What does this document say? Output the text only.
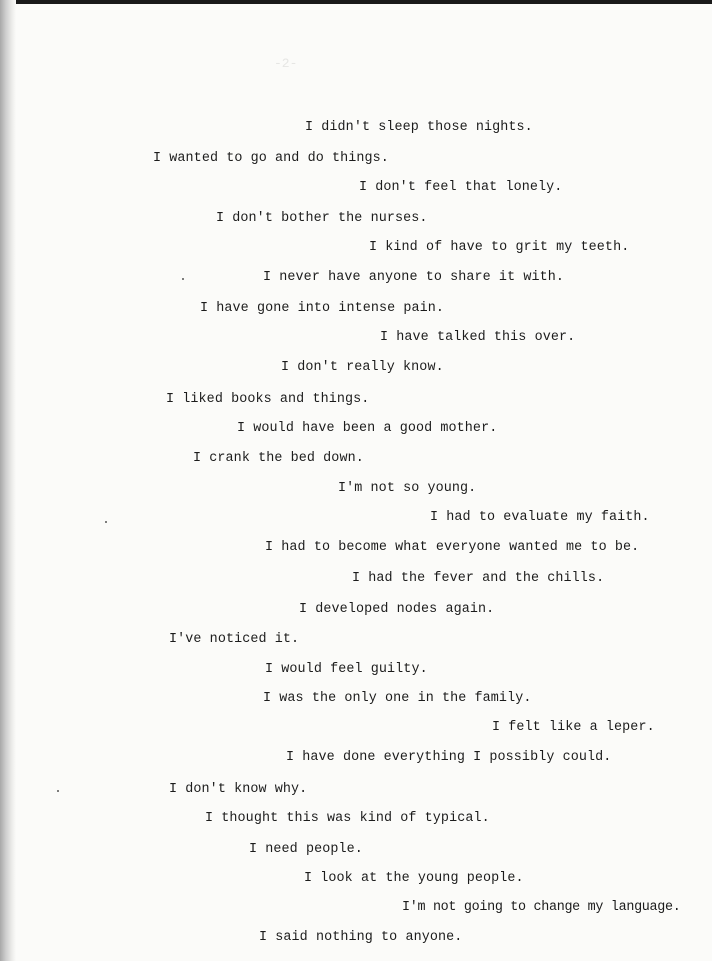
-2-
I didn't sleep those nights.
I wanted to go and do things.
I don't feel that lonely.
I don't bother the nurses.
I kind of have to grit my teeth.
I never have anyone to share it with.
I have gone into intense pain.
I have talked this over.
I don't really know.
I liked books and things.
I would have been a good mother.
I crank the bed down.
I'm not so young.
I had to evaluate my faith.
I had to become what everyone wanted me to be.
I had the fever and the chills.
I developed nodes again.
I've noticed it.
I would feel guilty.
I was the only one in the family.
I felt like a leper.
I have done everything I possibly could.
I don't know why.
I thought this was kind of typical.
I need people.
I look at the young people.
I'm not going to change my language.
I said nothing to anyone.
